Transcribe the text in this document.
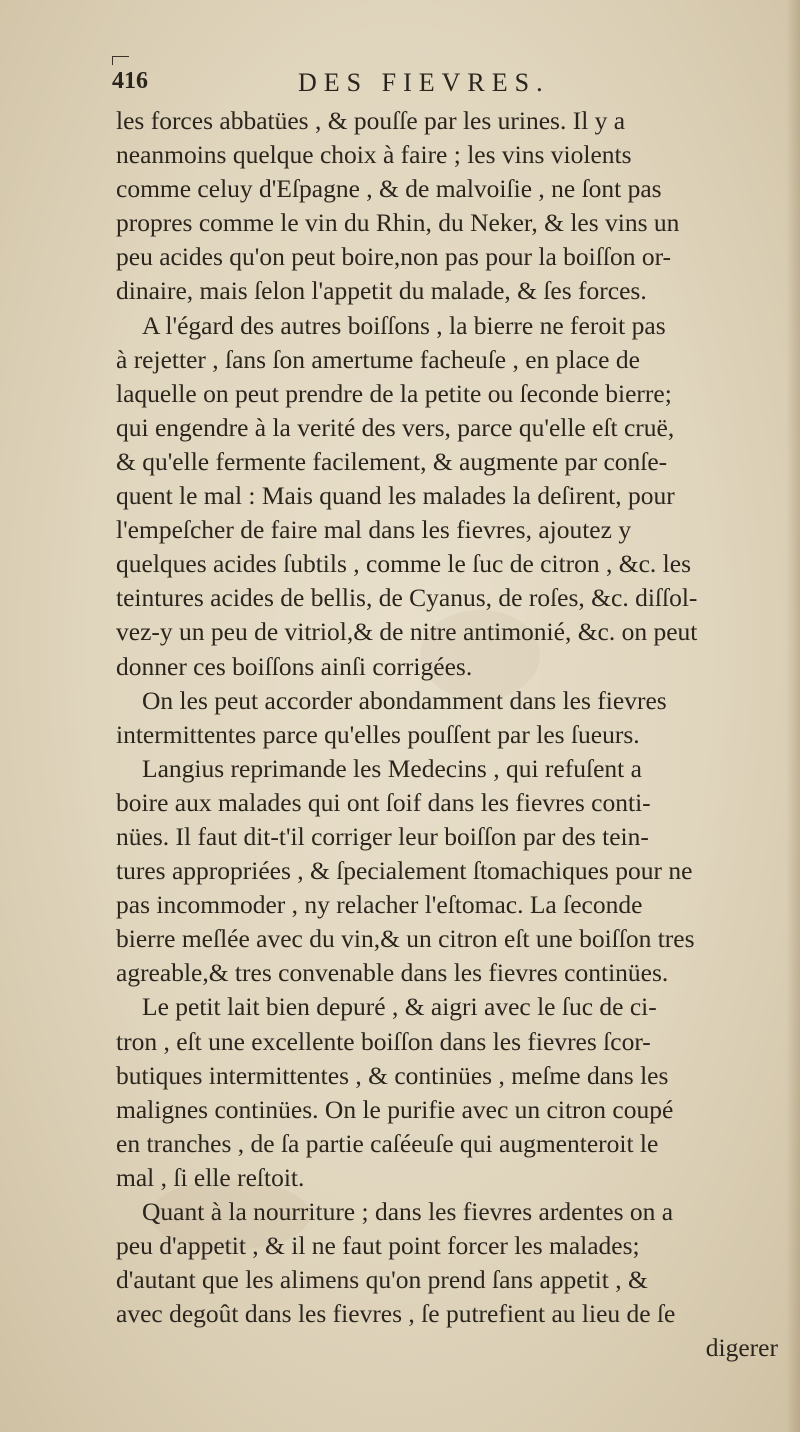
416	DES FIEVRES.
les forces abbatües , & pouſſe par les urines. Il y a
neanmoins quelque choix à faire ; les vins violents
comme celuy d'Eſpagne , & de malvoiſie , ne ſont pas
propres comme le vin du Rhin, du Neker, & les vins un
peu acides qu'on peut boire,non pas pour la boiſſon or-
dinaire, mais ſelon l'appetit du malade, & ſes forces.
A l'égard des autres boiſſons , la bierre ne feroit pas
à rejetter , ſans ſon amertume facheuſe , en place de
laquelle on peut prendre de la petite ou ſeconde bierre;
qui engendre à la verité des vers, parce qu'elle eſt cruë,
& qu'elle fermente facilement, & augmente par conſe-
quent le mal : Mais quand les malades la deſirent, pour
l'empeſcher de faire mal dans les fievres, ajoutez y
quelques acides ſubtils , comme le ſuc de citron , &c. les
teintures acides de bellis, de Cyanus, de roſes, &c. diſſol-
vez-y un peu de vitriol,& de nitre antimonié, &c. on peut
donner ces boiſſons ainſi corrigées.
On les peut accorder abondamment dans les fievres
intermittentes parce qu'elles pouſſent par les ſueurs.
Langius reprimande les Medecins , qui refuſent a
boire aux malades qui ont ſoif dans les fievres conti-
nües. Il faut dit-t'il corriger leur boiſſon par des tein-
tures appropriées , & ſpecialement ſtomachiques pour ne
pas incommoder , ny relacher l'eſtomac. La ſeconde
bierre meſlée avec du vin,& un citron eſt une boiſſon tres
agreable,& tres convenable dans les fievres continües.
Le petit lait bien depuré , & aigri avec le ſuc de ci-
tron , eſt une excellente boiſſon dans les fievres ſcor-
butiques intermittentes , & continües , meſme dans les
malignes continües. On le purifie avec un citron coupé
en tranches , de ſa partie caſéeuſe qui augmenteroit le
mal , ſi elle reſtoit.
Quant à la nourriture ; dans les fievres ardentes on a
peu d'appetit , & il ne faut point forcer les malades;
d'autant que les alimens qu'on prend ſans appetit , &
avec degoût dans les fievres , ſe putrefient au lieu de ſe
digerer
